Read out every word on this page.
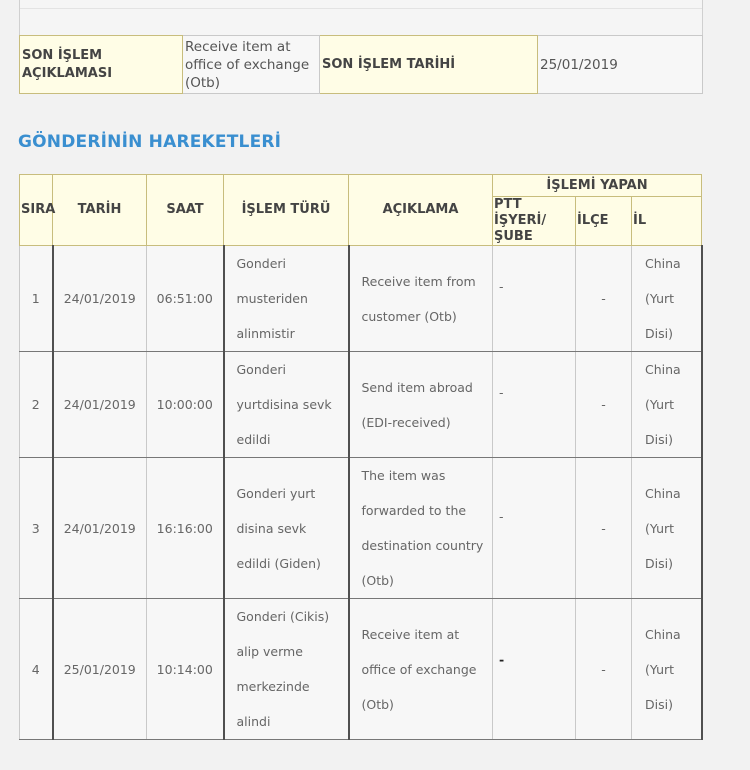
SON İŞLEM AÇIKLAMASI	Receive item at office of exchange (Otb)	SON İŞLEM TARİHİ	25/01/2019
GÖNDERİNİN HAREKETLERİ
SIRA	TARİH	SAAT	İŞLEM TÜRÜ	AÇIKLAMA	İŞLEMİ YAPAN		
					PTT İŞYERİ/ ŞUBE	İLÇE	İL
1	24/01/2019	06:51:00	Gonderi musteriden alinmistir	Receive item from customer (Otb)	-	-	China (Yurt Disi)
2	24/01/2019	10:00:00	Gonderi yurtdisina sevk edildi	Send item abroad (EDI-received)	-	-	China (Yurt Disi)
3	24/01/2019	16:16:00	Gonderi yurt disina sevk edildi (Giden)	The item was forwarded to the destination country (Otb)	-	-	China (Yurt Disi)
4	25/01/2019	10:14:00	Gonderi (Cikis) alip verme merkezinde alindi	Receive item at office of exchange (Otb)	-	-	China (Yurt Disi)
